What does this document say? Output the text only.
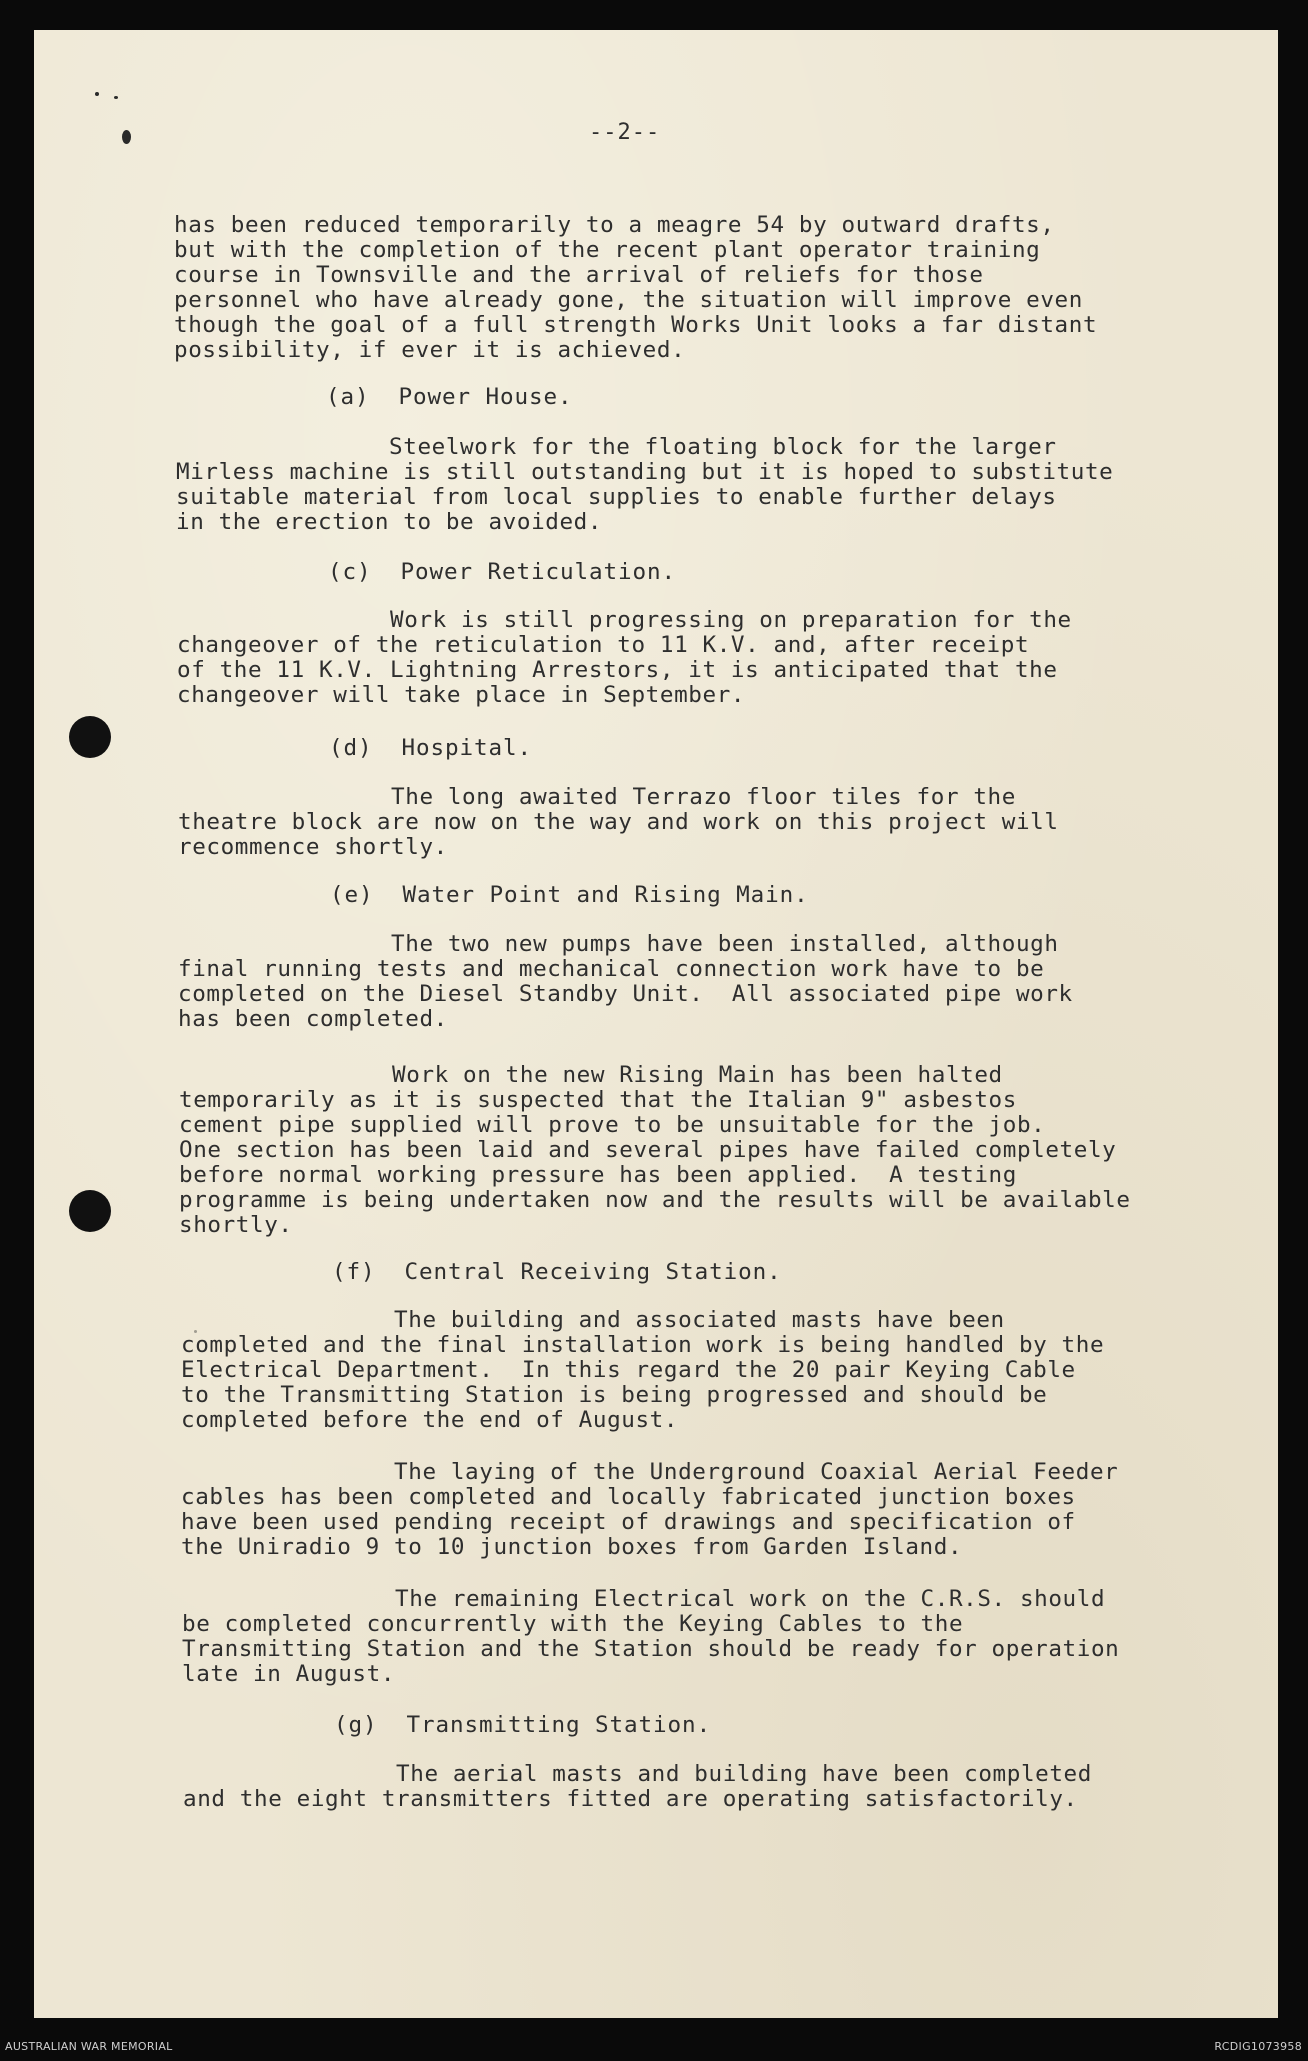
--2--
has been reduced temporarily to a meagre 54 by outward drafts,
but with the completion of the recent plant operator training
course in Townsville and the arrival of reliefs for those
personnel who have already gone, the situation will improve even
though the goal of a full strength Works Unit looks a far distant
possibility, if ever it is achieved.
(a)  Power House.
Steelwork for the floating block for the larger
Mirless machine is still outstanding but it is hoped to substitute
suitable material from local supplies to enable further delays
in the erection to be avoided.
(c)  Power Reticulation.
Work is still progressing on preparation for the
changeover of the reticulation to 11 K.V. and, after receipt
of the 11 K.V. Lightning Arrestors, it is anticipated that the
changeover will take place in September.
(d)  Hospital.
The long awaited Terrazo floor tiles for the
theatre block are now on the way and work on this project will
recommence shortly.
(e)  Water Point and Rising Main.
The two new pumps have been installed, although
final running tests and mechanical connection work have to be
completed on the Diesel Standby Unit.  All associated pipe work
has been completed.
Work on the new Rising Main has been halted
temporarily as it is suspected that the Italian 9" asbestos
cement pipe supplied will prove to be unsuitable for the job.
One section has been laid and several pipes have failed completely
before normal working pressure has been applied.  A testing
programme is being undertaken now and the results will be available
shortly.
(f)  Central Receiving Station.
The building and associated masts have been
completed and the final installation work is being handled by the
Electrical Department.  In this regard the 20 pair Keying Cable
to the Transmitting Station is being progressed and should be
completed before the end of August.
The laying of the Underground Coaxial Aerial Feeder
cables has been completed and locally fabricated junction boxes
have been used pending receipt of drawings and specification of
the Uniradio 9 to 10 junction boxes from Garden Island.
The remaining Electrical work on the C.R.S. should
be completed concurrently with the Keying Cables to the
Transmitting Station and the Station should be ready for operation
late in August.
(g)  Transmitting Station.
The aerial masts and building have been completed
and the eight transmitters fitted are operating satisfactorily.
AUSTRALIAN WAR MEMORIAL	RCDIG1073958
